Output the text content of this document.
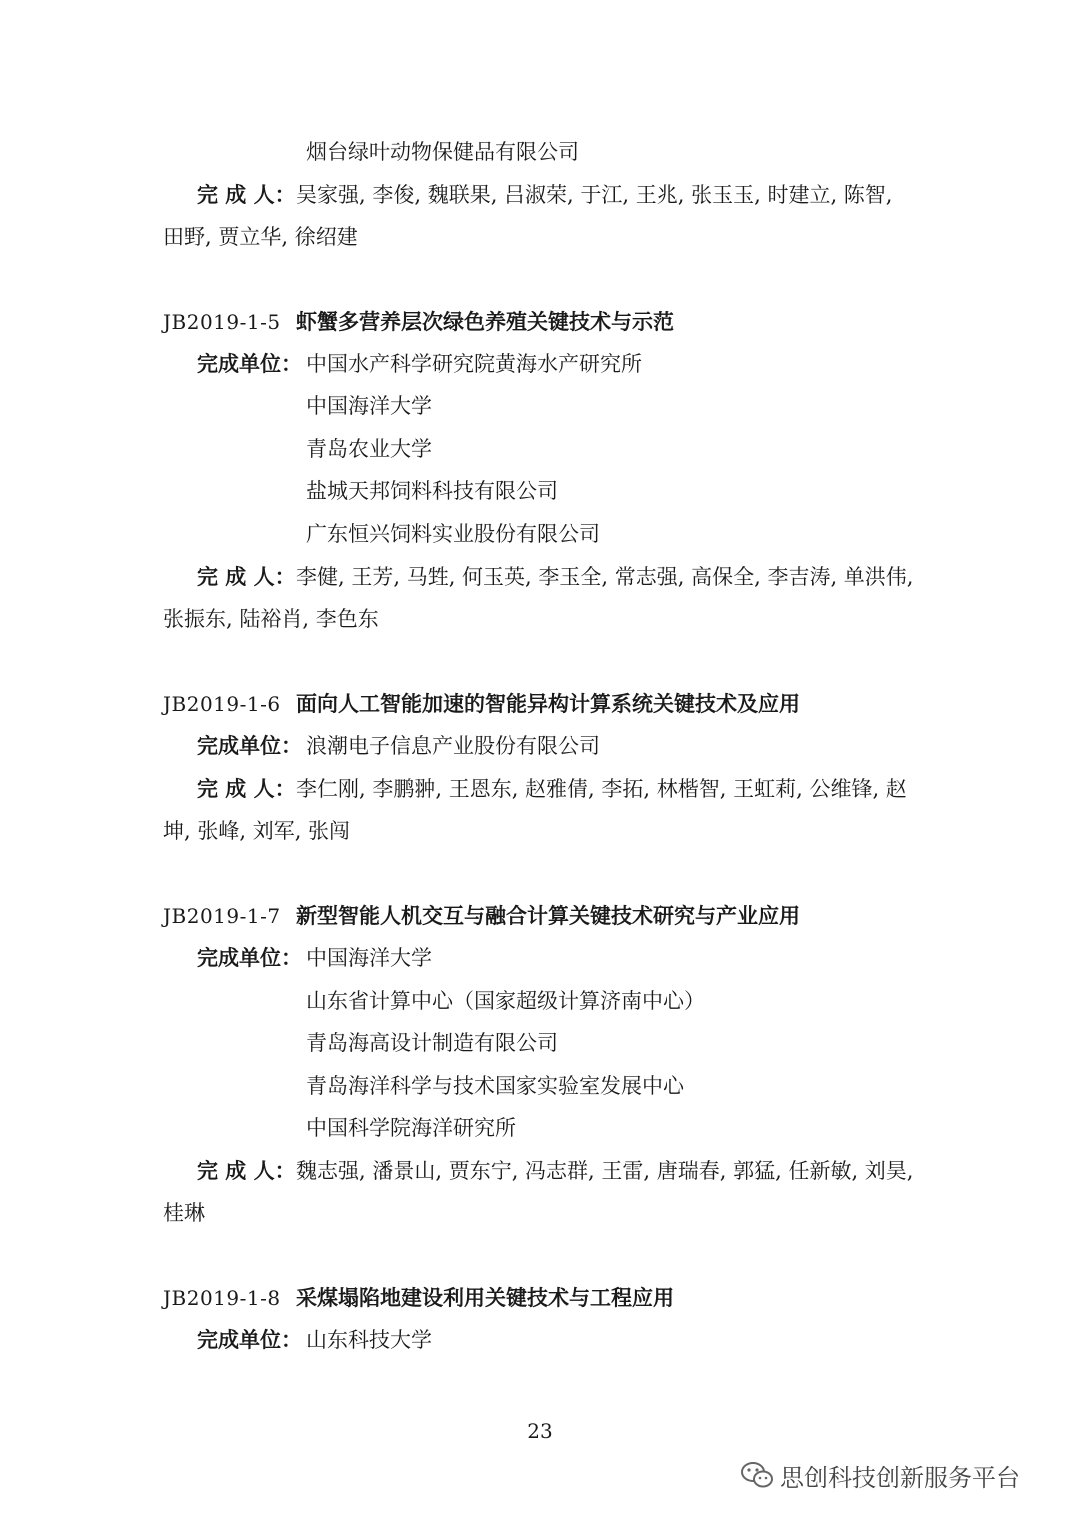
烟台绿叶动物保健品有限公司
完 成 人： 吴家强, 李俊, 魏联果, 吕淑荣, 于江, 王兆, 张玉玉, 时建立, 陈智,
田野, 贾立华, 徐绍建
JB2019-1-5 虾蟹多营养层次绿色养殖关键技术与示范
完成单位： 中国水产科学研究院黄海水产研究所
中国海洋大学
青岛农业大学
盐城天邦饲料科技有限公司
广东恒兴饲料实业股份有限公司
完 成 人： 李健, 王芳, 马甡, 何玉英, 李玉全, 常志强, 高保全, 李吉涛, 单洪伟,
张振东, 陆裕肖, 李色东
JB2019-1-6 面向人工智能加速的智能异构计算系统关键技术及应用
完成单位： 浪潮电子信息产业股份有限公司
完 成 人： 李仁刚, 李鹏翀, 王恩东, 赵雅倩, 李拓, 林楷智, 王虹莉, 公维锋, 赵
坤, 张峰, 刘军, 张闯
JB2019-1-7 新型智能人机交互与融合计算关键技术研究与产业应用
完成单位： 中国海洋大学
山东省计算中心（国家超级计算济南中心）
青岛海高设计制造有限公司
青岛海洋科学与技术国家实验室发展中心
中国科学院海洋研究所
完 成 人： 魏志强, 潘景山, 贾东宁, 冯志群, 王雷, 唐瑞春, 郭猛, 任新敏, 刘昊,
桂琳
JB2019-1-8 采煤塌陷地建设利用关键技术与工程应用
完成单位： 山东科技大学
23
思创科技创新服务平台
